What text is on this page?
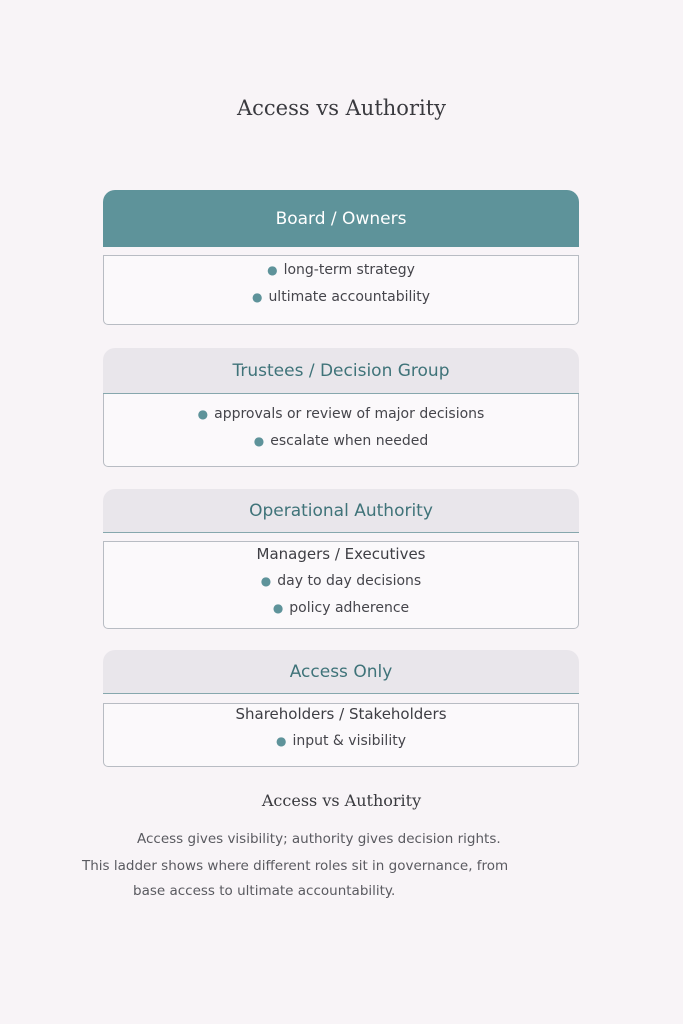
Access vs Authority
Board / Owners
● long-term strategy
● ultimate accountability
Trustees / Decision Group
● approvals or review of major decisions
● escalate when needed
Operational Authority
Managers / Executives
● day to day decisions
● policy adherence
Access Only
Shareholders / Stakeholders
● input & visibility
Access vs Authority
Access gives visibility; authority gives decision rights.
This ladder shows where different roles sit in governance, from
base access to ultimate accountability.
